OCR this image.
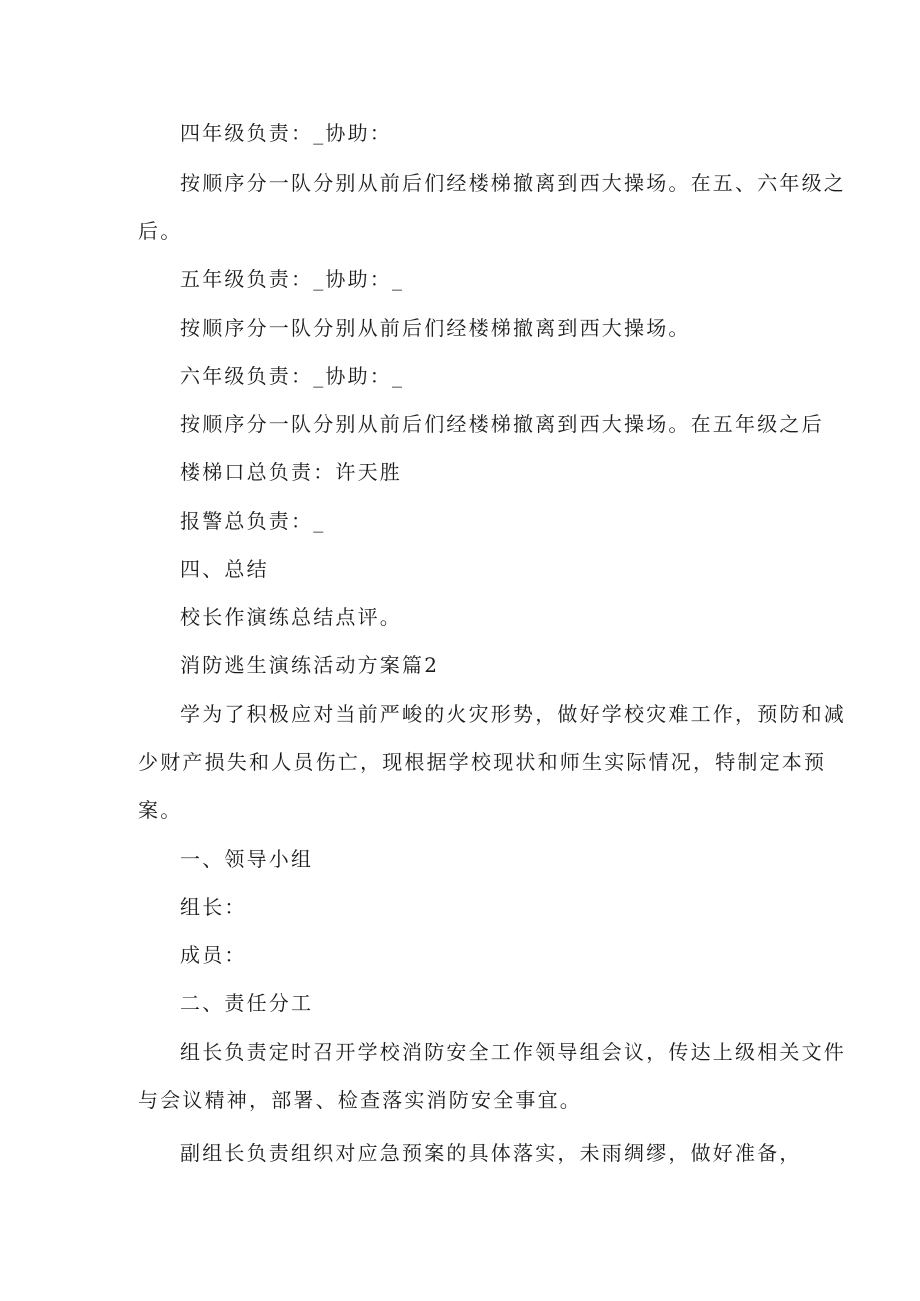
四年级负责：_协助：

按顺序分一队分别从前后们经楼梯撤离到西大操场。在五、六年级之

后。

五年级负责：_协助：_

按顺序分一队分别从前后们经楼梯撤离到西大操场。

六年级负责：_协助：_

按顺序分一队分别从前后们经楼梯撤离到西大操场。在五年级之后

楼梯口总负责：许天胜

报警总负责：_

四、总结

校长作演练总结点评。

消防逃生演练活动方案篇2

学为了积极应对当前严峻的火灾形势，做好学校灾难工作，预防和减

少财产损失和人员伤亡，现根据学校现状和师生实际情况，特制定本预

案。

一、领导小组

组长：

成员：

二、责任分工

组长负责定时召开学校消防安全工作领导组会议，传达上级相关文件

与会议精神，部署、检查落实消防安全事宜。

副组长负责组织对应急预案的具体落实，未雨绸缪，做好准备，
